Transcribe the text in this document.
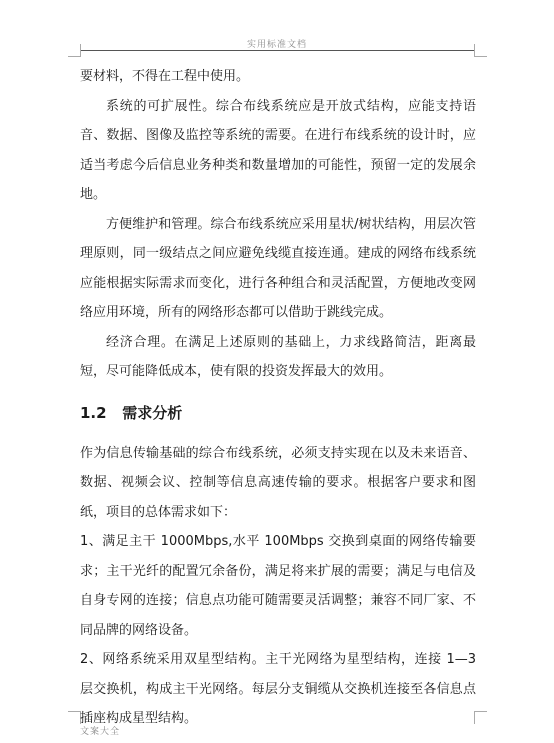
实用标准文档

要材料，不得在工程中使用。

系统的可扩展性。综合布线系统应是开放式结构，应能支持语音、数据、图像及监控等系统的需要。在进行布线系统的设计时，应适当考虑今后信息业务种类和数量增加的可能性，预留一定的发展余地。

方便维护和管理。综合布线系统应采用星状/树状结构，用层次管理原则，同一级结点之间应避免线缆直接连通。建成的网络布线系统应能根据实际需求而变化，进行各种组合和灵活配置，方便地改变网络应用环境，所有的网络形态都可以借助于跳线完成。

经济合理。在满足上述原则的基础上，力求线路简洁，距离最短，尽可能降低成本，使有限的投资发挥最大的效用。

1.2 需求分析

作为信息传输基础的综合布线系统，必须支持实现在以及未来语音、数据、视频会议、控制等信息高速传输的要求。根据客户要求和图纸，项目的总体需求如下：

1、满足主干 1000Mbps,水平 100Mbps 交换到桌面的网络传输要求；主干光纤的配置冗余备份，满足将来扩展的需要；满足与电信及自身专网的连接；信息点功能可随需要灵活调整；兼容不同厂家、不同品牌的网络设备。

2、网络系统采用双星型结构。主干光网络为星型结构，连接 1—3 层交换机，构成主干光网络。每层分支铜缆从交换机连接至各信息点插座构成星型结构。

文案大全
